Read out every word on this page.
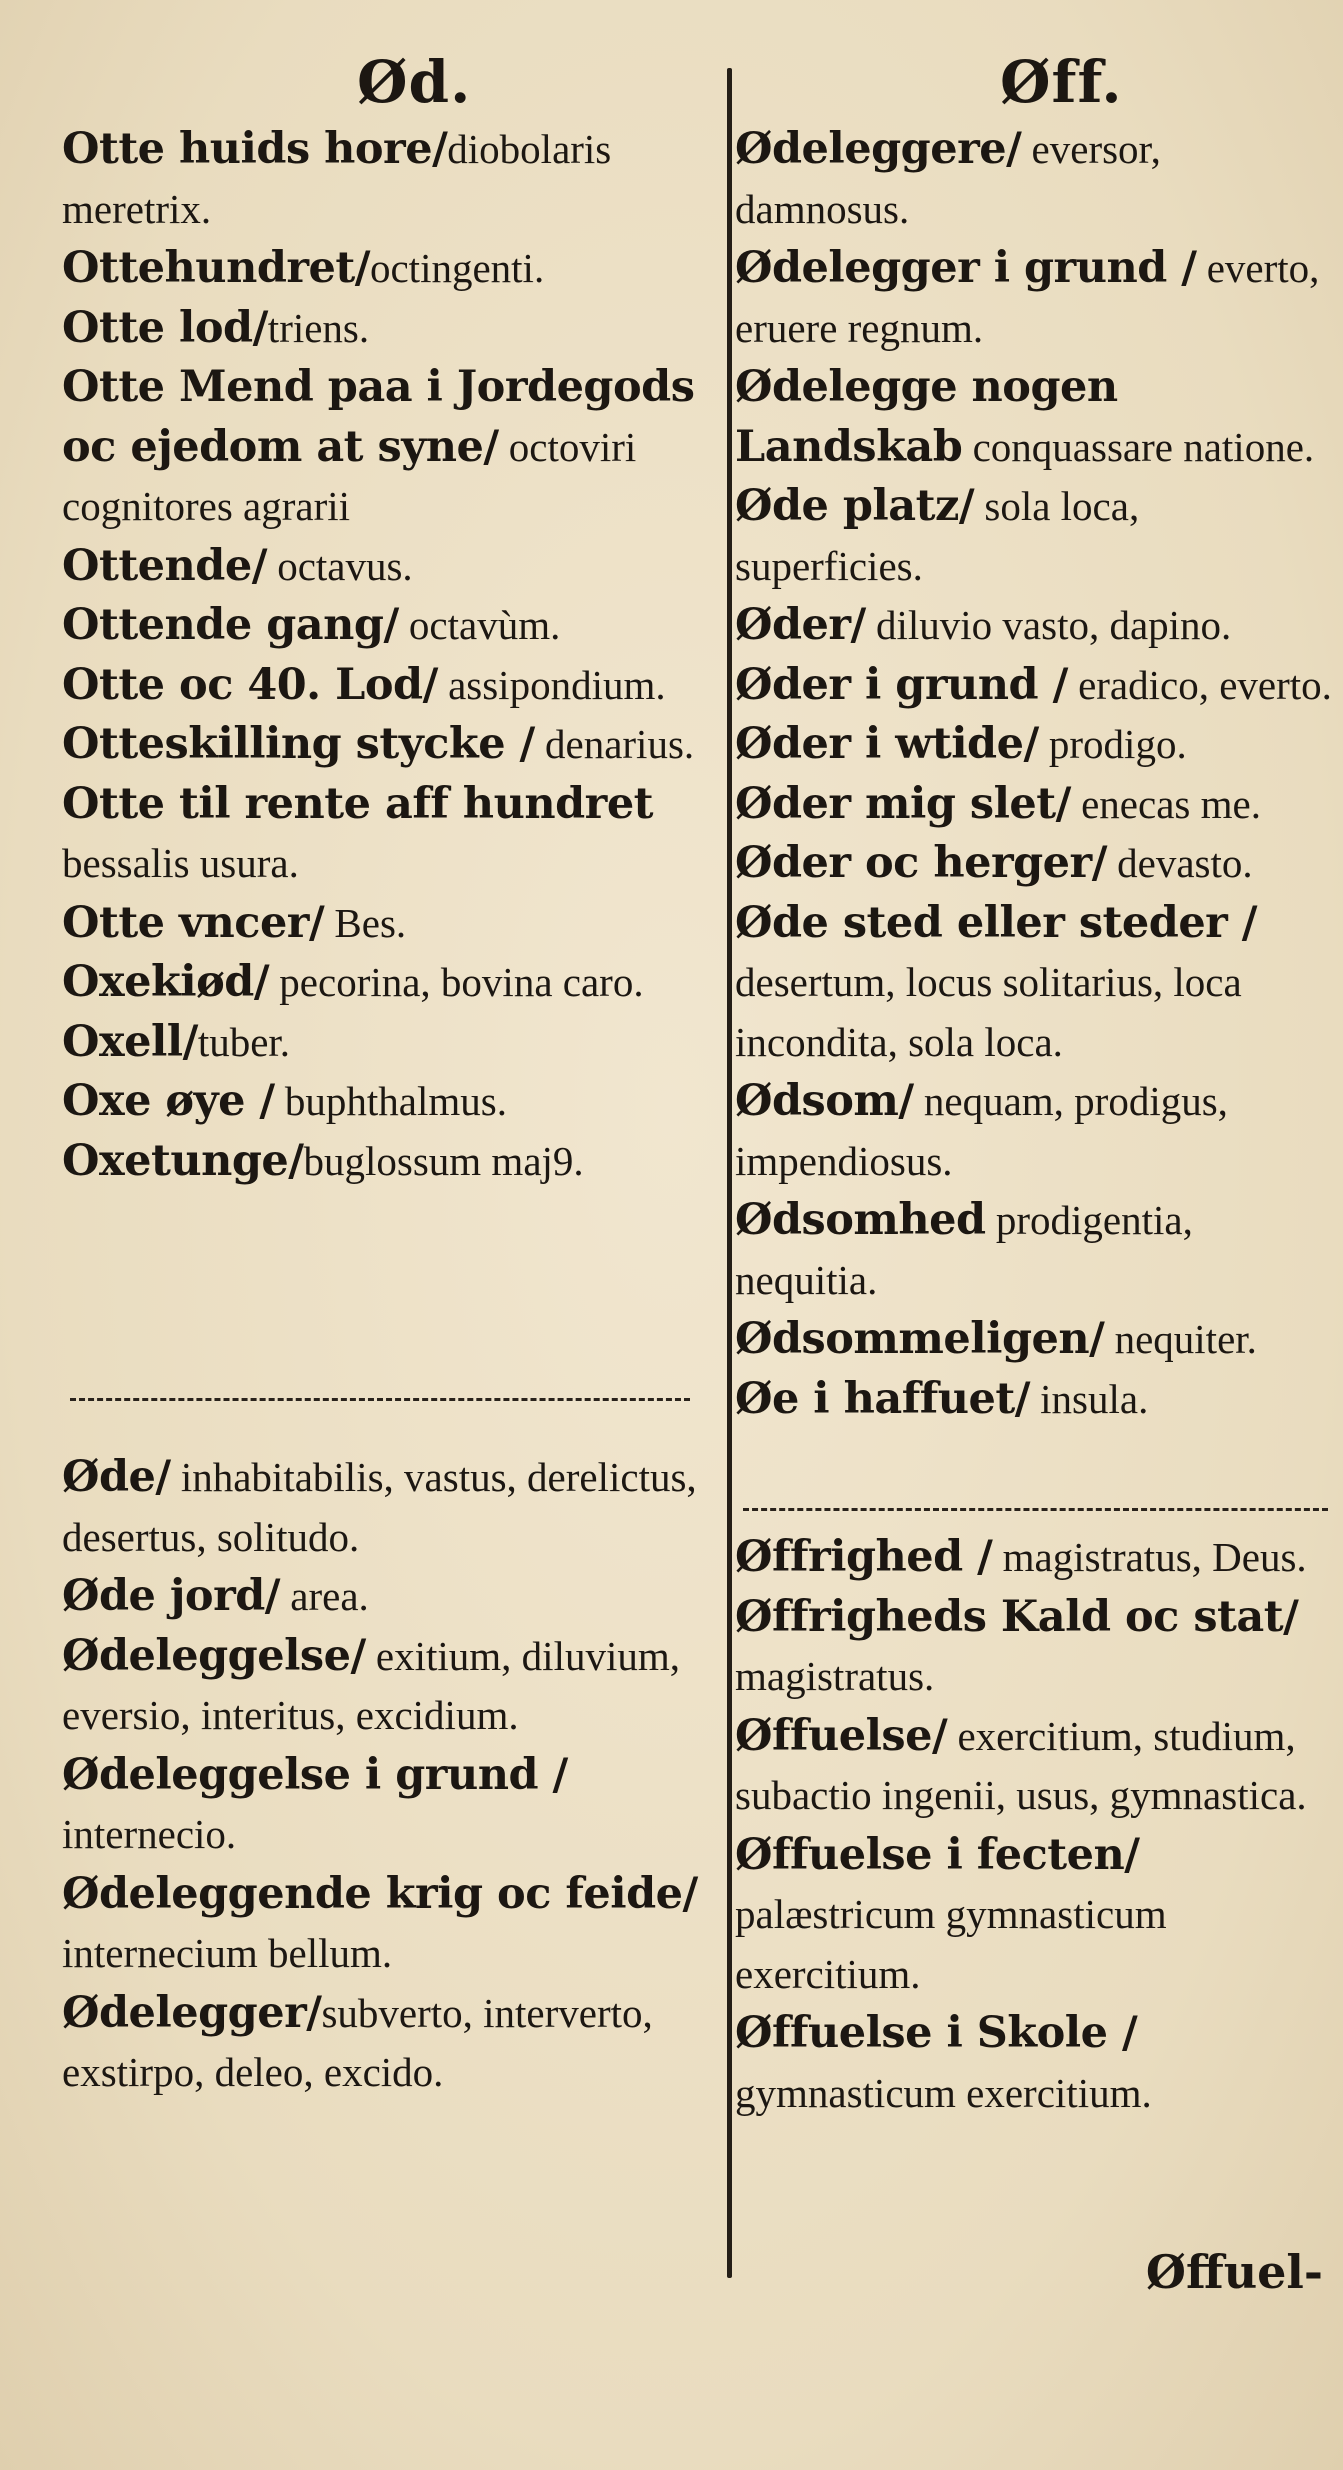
Ød.
Otte huids hore/diobolaris meretrix.
Ottehundret/octingenti.
Otte lod/triens.
Otte Mend paa i Jordegods oc ejedom at syne/ octoviri cognitores agrarii
Ottende/ octavus.
Ottende gang/ octavùm.
Otte oc 40. Lod/ assipondium.
Otteskilling stycke / denarius.
Otte til rente aff hundret bessalis usura.
Otte vncer/ Bes.
Oxekiød/ pecorina, bovina caro.
Oxell/tuber.
Oxe øye / buphthalmus.
Oxetunge/buglossum maj9.
Øde/ inhabitabilis, vastus, derelictus, desertus, solitudo.
Øde jord/ area.
Ødeleggelse/ exitium, diluvium, eversio, interitus, excidium.
Ødeleggelse i grund / internecio.
Ødeleggende krig oc feide/ internecium bellum.
Ødelegger/subverto, interverto, exstirpo, deleo, excido.
Øff.
Ødeleggere/ eversor, damnosus.
Ødelegger i grund / everto, eruere regnum.
Ødelegge nogen Landskab conquassare natione.
Øde platz/ sola loca, superficies.
Øder/ diluvio vasto, dapino.
Øder i grund / eradico, everto.
Øder i wtide/ prodigo.
Øder mig slet/ enecas me.
Øder oc herger/ devasto.
Øde sted eller steder / desertum, locus solitarius, loca incondita, sola loca.
Ødsom/ nequam, prodigus, impendiosus.
Ødsomhed prodigentia, nequitia.
Ødsommeligen/ nequiter.
Øe i haffuet/ insula.
Øffrighed / magistratus, Deus.
Øffrigheds Kald oc stat/ magistratus.
Øffuelse/ exercitium, studium, subactio ingenii, usus, gymnastica.
Øffuelse i fecten/ palæstricum gymnasticum exercitium.
Øffuelse i Skole / gymnasticum exercitium.
Øffuel-
